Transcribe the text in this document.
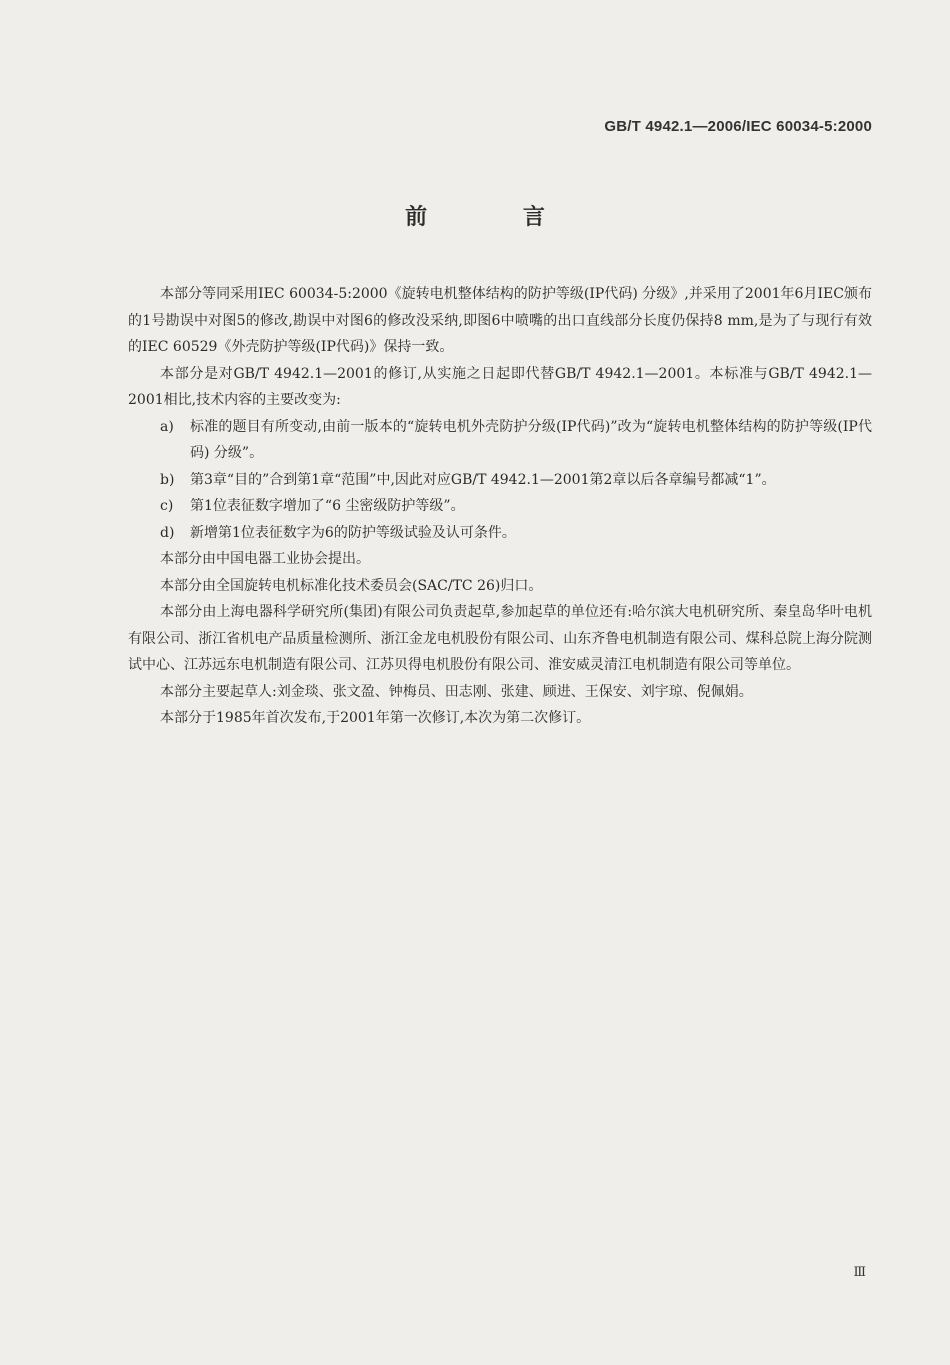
GB/T 4942.1—2006/IEC 60034-5:2000
前 言

本部分等同采用IEC 60034-5:2000《旋转电机整体结构的防护等级(IP代码) 分级》,并采用了2001年6月IEC颁布的1号勘误中对图5的修改,勘误中对图6的修改没采纳,即图6中喷嘴的出口直线部分长度仍保持8 mm,是为了与现行有效的IEC 60529《外壳防护等级(IP代码)》保持一致。

本部分是对GB/T 4942.1—2001的修订,从实施之日起即代替GB/T 4942.1—2001。本标准与GB/T 4942.1—2001相比,技术内容的主要改变为:

a)	标准的题目有所变动,由前一版本的“旋转电机外壳防护分级(IP代码)”改为“旋转电机整体结构的防护等级(IP代码) 分级”。
b)	第3章“目的”合到第1章“范围”中,因此对应GB/T 4942.1—2001第2章以后各章编号都减“1”。
c)	第1位表征数字增加了“6 尘密级防护等级”。
d)	新增第1位表征数字为6的防护等级试验及认可条件。

本部分由中国电器工业协会提出。

本部分由全国旋转电机标准化技术委员会(SAC/TC 26)归口。

本部分由上海电器科学研究所(集团)有限公司负责起草,参加起草的单位还有:哈尔滨大电机研究所、秦皇岛华叶电机有限公司、浙江省机电产品质量检测所、浙江金龙电机股份有限公司、山东齐鲁电机制造有限公司、煤科总院上海分院测试中心、江苏远东电机制造有限公司、江苏贝得电机股份有限公司、淮安威灵清江电机制造有限公司等单位。

本部分主要起草人:刘金琰、张文盈、钟梅员、田志刚、张建、顾进、王保安、刘宇琼、倪佩娟。

本部分于1985年首次发布,于2001年第一次修订,本次为第二次修订。

Ⅲ
